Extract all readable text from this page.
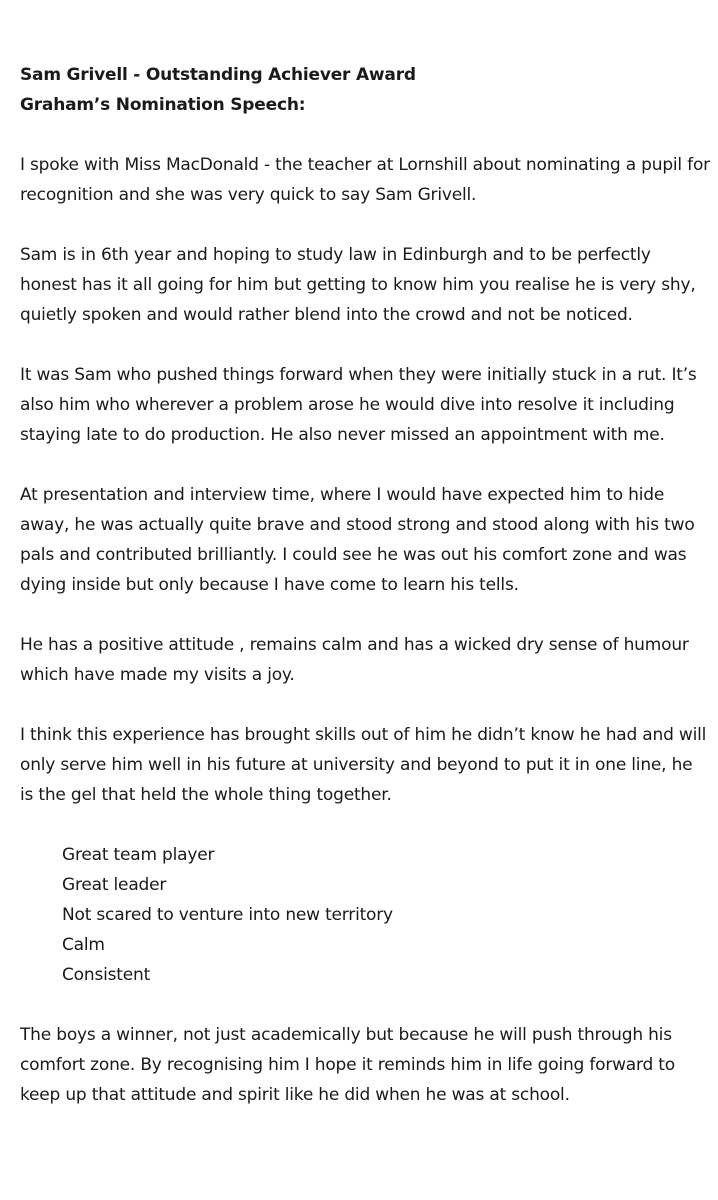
Sam Grivell - Outstanding Achiever Award

Graham’s Nomination Speech:

I spoke with Miss MacDonald - the teacher at Lornshill about nominating a pupil for recognition and she was very quick to say Sam Grivell.

Sam is in 6th year and hoping to study law in Edinburgh and to be perfectly honest has it all going for him but getting to know him you realise he is very shy, quietly spoken and would rather blend into the crowd and not be noticed.

It was Sam who pushed things forward when they were initially stuck in a rut. It’s also him who wherever a problem arose he would dive into resolve it including staying late to do production. He also never missed an appointment with me.

At presentation and interview time, where I would have expected him to hide away, he was actually quite brave and stood strong and stood along with his two pals and contributed brilliantly. I could see he was out his comfort zone and was dying inside but only because I have come to learn his tells.

He has a positive attitude , remains calm and has a wicked dry sense of humour which have made my visits a joy.

I think this experience has brought skills out of him he didn’t know he had and will only serve him well in his future at university and beyond to put it in one line, he is the gel that held the whole thing together.

Great team player
Great leader
Not scared to venture into new territory
Calm
Consistent

The boys a winner, not just academically but because he will push through his comfort zone. By recognising him I hope it reminds him in life going forward to keep up that attitude and spirit like he did when he was at school.
